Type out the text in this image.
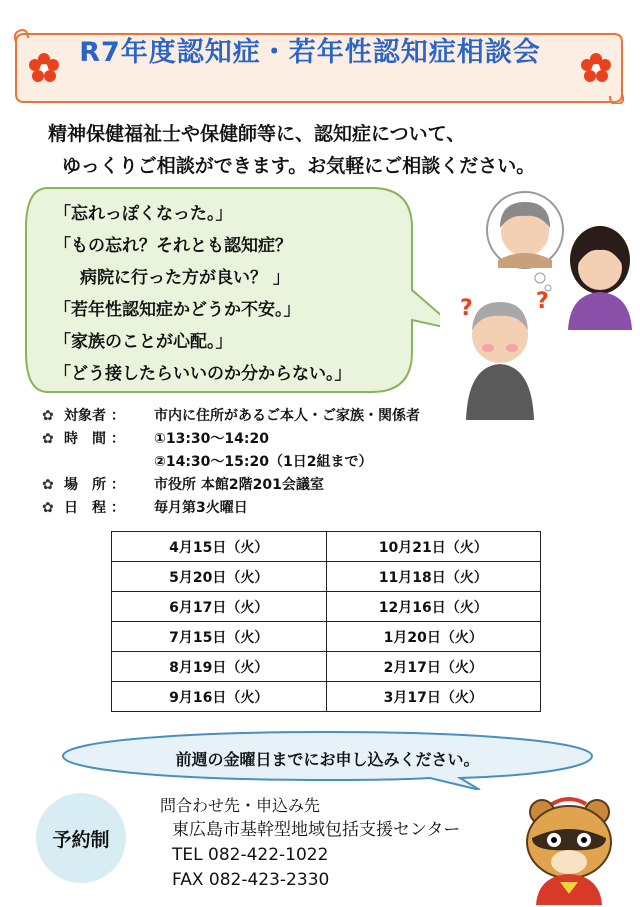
R7年度認知症・若年性認知症相談会
精神保健福祉士や保健師等に、認知症について、
ゆっくりご相談ができます。お気軽にご相談ください。
「忘れっぽくなった。」
「もの忘れ？それとも認知症？
病院に行った方が良い？ 」
「若年性認知症かどうか不安。」
「家族のことが心配。」
「どう接したらいいのか分からない。」
?	?
✿ 対象者 ：	市内に住所があるご本人・ご家族・関係者
✿ 時　間 ：	①13:30～14:20
②14:30～15:20（1日2組まで）
✿ 場　所 ：	市役所 本館2階201会議室
✿ 日　程 ：	毎月第3火曜日
4月15日（火）	10月21日（火）
5月20日（火）	11月18日（火）
6月17日（火）	12月16日（火）
7月15日（火）	1月20日（火）
8月19日（火）	2月17日（火）
9月16日（火）	3月17日（火）
前週の金曜日までにお申し込みください。
予約制
問合わせ先・申込み先
東広島市基幹型地域包括支援センター
TEL 082-422-1022
FAX 082-423-2330
